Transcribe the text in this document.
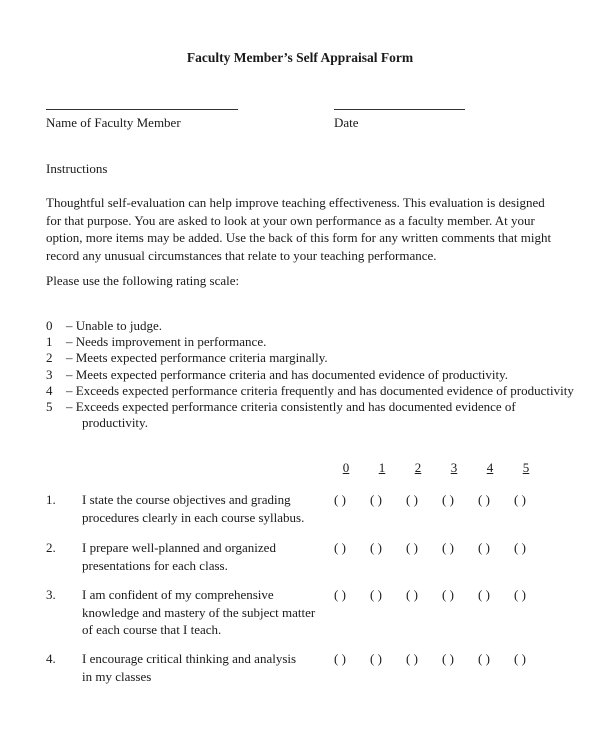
Faculty Member’s Self Appraisal Form
Name of Faculty Member	Date
Instructions
Thoughtful self-evaluation can help improve teaching effectiveness. This evaluation is designed
for that purpose. You are asked to look at your own performance as a faculty member. At your
option, more items may be added. Use the back of this form for any written comments that might
record any unusual circumstances that relate to your teaching performance.
Please use the following rating scale:
0	– Unable to judge.
1	– Needs improvement in performance.
2	– Meets expected performance criteria marginally.
3	– Meets expected performance criteria and has documented evidence of productivity.
4	– Exceeds expected performance criteria frequently and has documented evidence of productivity
5	– Exceeds expected performance criteria consistently and has documented evidence of
productivity.
0 1 2 3 4 5
1. I state the course objectives and grading
procedures clearly in each course syllabus.
( ) ( ) ( ) ( ) ( ) ( )
2. I prepare well-planned and organized
presentations for each class.
( ) ( ) ( ) ( ) ( ) ( )
3. I am confident of my comprehensive
knowledge and mastery of the subject matter
of each course that I teach.
( ) ( ) ( ) ( ) ( ) ( )
4. I encourage critical thinking and analysis
in my classes
( ) ( ) ( ) ( ) ( ) ( )
